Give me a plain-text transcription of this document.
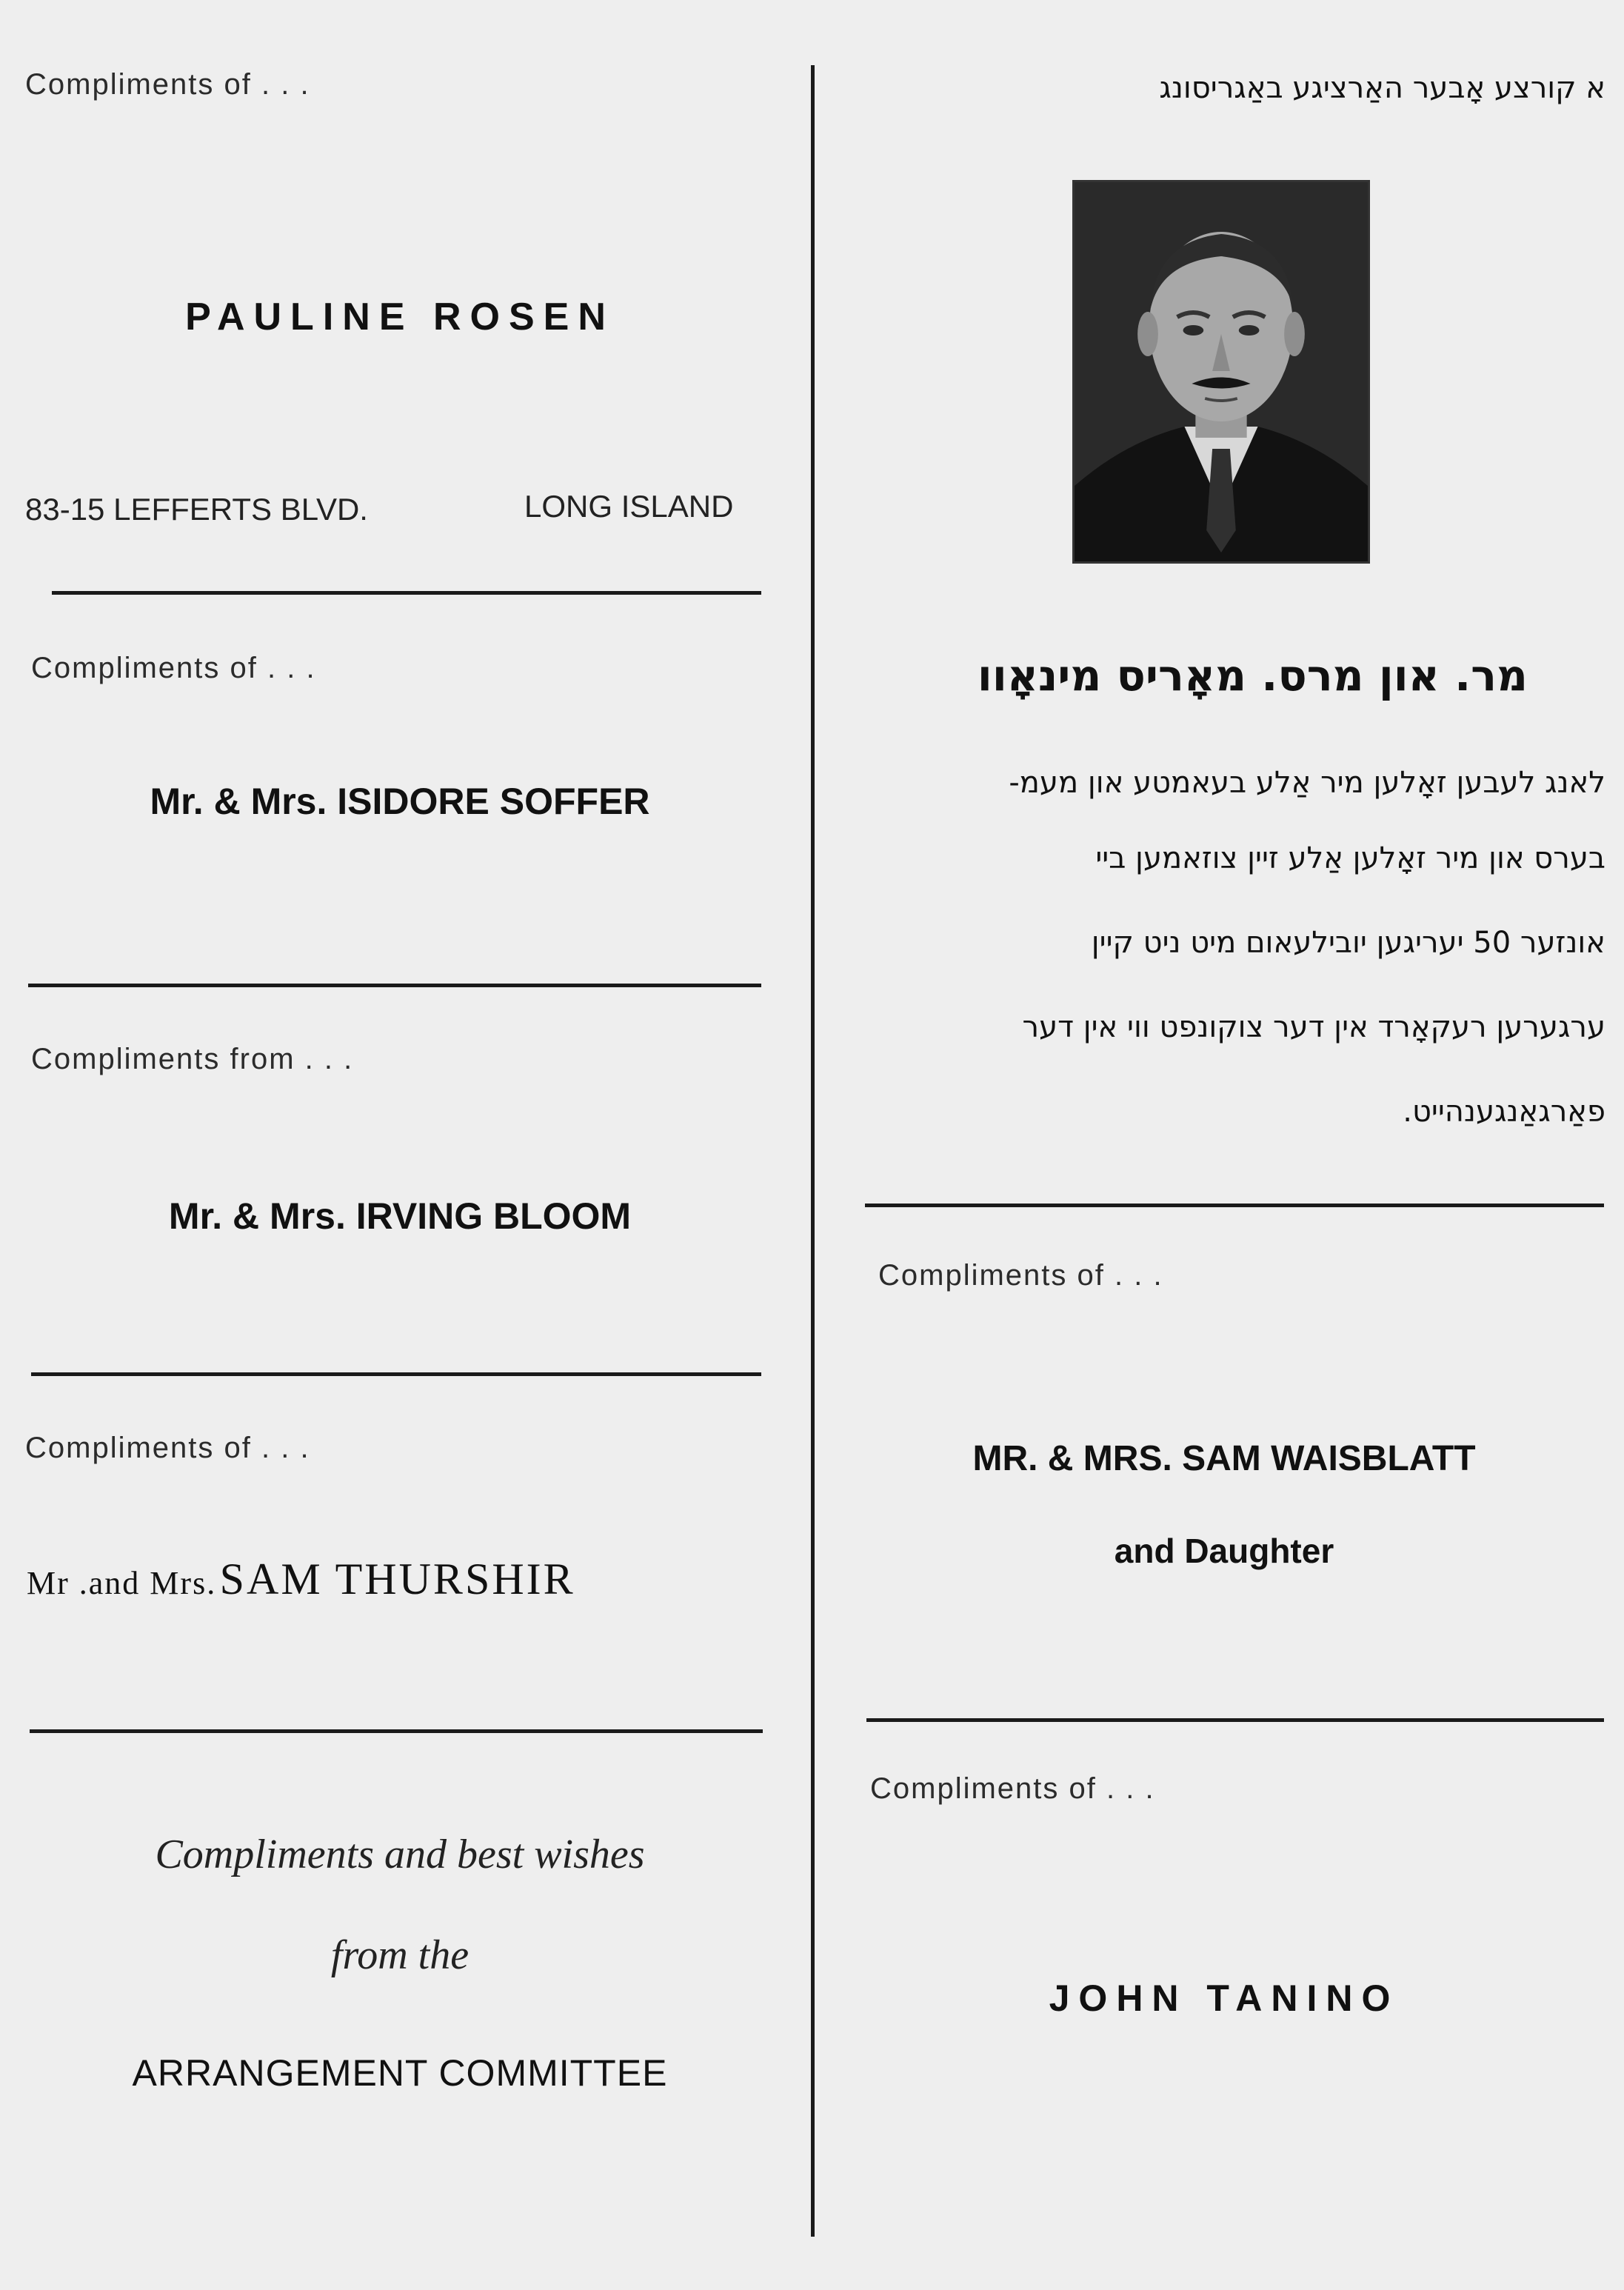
Compliments of . . .
PAULINE ROSEN
83-15 LEFFERTS BLVD.	LONG ISLAND
Compliments of . . .
Mr. & Mrs. ISIDORE SOFFER
Compliments from . . .
Mr. & Mrs. IRVING BLOOM
Compliments of . . .
Mr .and Mrs. SAM THURSHIR
Compliments and best wishes
from the
ARRANGEMENT COMMITTEE
א קורצע אָבער האַרציגע באַגריסונג
מר. און מרס. מאָריס מינאָוו
לאנג לעבען זאָלען מיר אַלע בעאמטע און מעמ-
בערס און מיר זאָלען אַלע זיין צוזאמען ביי
אונזער 50 יעריגען יובילעאום מיט ניט קיין
ערגערען רעקאָרד אין דער צוקונפט ווי אין דער
פאַרגאַנגענהייט.
Compliments of . . .
MR. & MRS. SAM WAISBLATT
and Daughter
Compliments of . . .
JOHN TANINO
